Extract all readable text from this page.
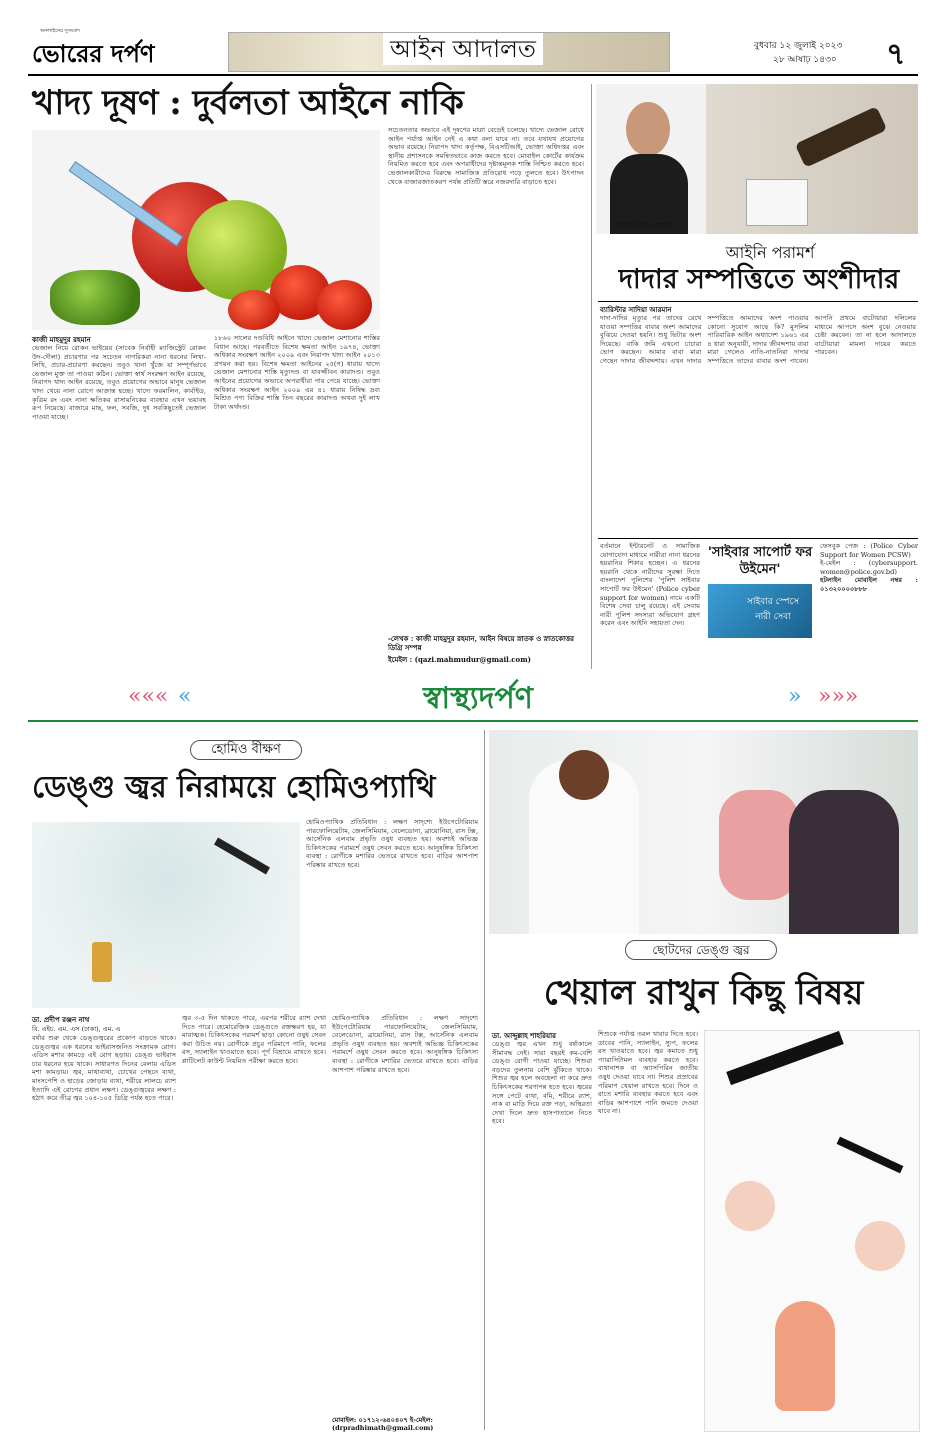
অনলাইনের সুসংবাদ
ভোরের দর্পণ	আইন আদালত	বুধবার ১২ জুলাই ২০২৩
২৮ আষাঢ় ১৪৩০ ৭
খাদ্য দূষণ : দুর্বলতা আইনে নাকি
কাজী মাহমুদুর রহমান
ভেজাল নিয়ে রোকন ভাইয়ের (সাবেক নির্বাহী ম্যাজিস্ট্রেট রোকন উদ-দৌলা) প্রচারণার পর সচেতন নাগরিকরা নানা ধরনের লিখা-লিখি, প্রচার-প্রচারণা করছেন। তবুও খানা খুঁজে যা সম্পূর্ণভাবে ভেজাল মুক্ত তা পাওয়া কঠিন। ভোক্তা স্বার্থ সংরক্ষণ আইন রয়েছে, নিরাপদ খাদ্য আইন রয়েছে, তবুও প্রয়োগের অভাবে মানুষ ভেজাল খাদ্য খেয়ে নানা রোগে আক্রান্ত হচ্ছে। খাদ্যে ফরমালিন, কার্বাইড, কৃত্রিম রং এবং নানা ক্ষতিকর রাসায়নিকের ব্যবহার এখন ভয়াবহ রূপ নিয়েছে। বাজারে মাছ, ফল, সবজি, দুধ সবকিছুতেই ভেজাল পাওয়া যাচ্ছে।
১৮৬০ সালের দণ্ডবিধি আইনে খাদ্যে ভেজাল মেশানোর শাস্তির বিধান আছে। পরবর্তীতে বিশেষ ক্ষমতা আইন ১৯৭৪, ভোক্তা অধিকার সংরক্ষণ আইন ২০০৯ এবং নিরাপদ খাদ্য আইন ২০১৩ প্রণয়ন করা হয়। বিশেষ ক্ষমতা আইনের ২৫(গ) ধারায় খাদ্যে ভেজাল মেশানোর শাস্তি মৃত্যুদণ্ড বা যাবজ্জীবন কারাদণ্ড। তবুও আইনের প্রয়োগের অভাবে অপরাধীরা পার পেয়ে যাচ্ছে। ভোক্তা অধিকার সংরক্ষণ আইন ২০০৯ এর ৪১ ধারায় নিষিদ্ধ দ্রব্য মিশ্রিত পণ্য বিক্রির শাস্তি তিন বছরের কারাদণ্ড অথবা দুই লাখ টাকা অর্থদণ্ড।
সচেতনতার অভাবে এই দূষণের মাত্রা বেড়েই চলেছে। খাদ্যে ভেজাল রোধে আইন পর্যাপ্ত আইন নেই এ কথা বলা যাবে না। তবে যথাযথ প্রয়োগের অভাব রয়েছে। নিরাপদ খাদ্য কর্তৃপক্ষ, বিএসটিআই, ভোক্তা অধিদপ্তর এবং স্থানীয় প্রশাসনকে সমন্বিতভাবে কাজ করতে হবে। মোবাইল কোর্টের কার্যক্রম নিয়মিত করতে হবে এবং অপরাধীদের দৃষ্টান্তমূলক শাস্তি নিশ্চিত করতে হবে। ভেজালকারীদের বিরুদ্ধে সামাজিক প্রতিরোধ গড়ে তুলতে হবে। উৎপাদন থেকে বাজারজাতকরণ পর্যন্ত প্রতিটি স্তরে নজরদারি বাড়াতে হবে।
-লেখক : কাজী মাহমুদুর রহমান, আইন বিষয়ে স্নাতক ও স্নাতকোত্তর ডিগ্রি সম্পন্ন
ইমেইল : (qazi.mahmudur@gmail.com)
ব্যারিস্টার সাদিয়া আরমান
আইনি পরামর্শ
দাদার সম্পত্তিতে অংশীদার
ব্যারিস্টার সাদিয়া আরমান
দাদা-দাদির মৃত্যুর পর তাদের রেখে যাওয়া সম্পত্তির বাবার অংশ আমাদের বুঝিয়ে দেওয়া হয়নি। শুধু ভিটার অংশ দিয়েছে। বাকি জমি এখনো চাচারা ভোগ করছেন। আমার বাবা মারা গেছেন দাদার জীবদ্দশায়। এখন দাদার সম্পত্তিতে আমাদের অংশ পাওয়ার কোনো সুযোগ আছে কি? মুসলিম পারিবারিক আইন অধ্যাদেশ ১৯৬১ এর ৪ ধারা অনুযায়ী, দাদার জীবদ্দশায় বাবা মারা গেলেও নাতি-নাতনিরা দাদার সম্পত্তিতে তাদের বাবার অংশ পাবেন। আপনি প্রথমে বাটোয়ারা দলিলের মাধ্যমে আপসে অংশ বুঝে নেওয়ার চেষ্টা করবেন। তা না হলে আদালতে বাটোয়ারা মামলা দায়ের করতে পারবেন।
বর্তমানে ইন্টারনেট ও সামাজিক যোগাযোগ মাধ্যমে নারীরা নানা ধরনের হয়রানির শিকার হচ্ছেন। এ ধরনের হয়রানি থেকে নারীদের সুরক্ষা দিতে বাংলাদেশ পুলিশের 'পুলিশ সাইবার সাপোর্ট ফর উইমেন' (Police cyber support for women) নামে একটি বিশেষ সেবা চালু রয়েছে। এই সেবায় নারী পুলিশ সদস্যরা অভিযোগ গ্রহণ করেন এবং আইনি সহায়তা দেন।
'সাইবার সাপোর্ট ফর উইমেন'
সাইবার স্পেসে নারী সেবা
ফেসবুক পেজ : (Police Cyber Support for Women PCSW)
ই-মেইল : (cybersupport. women@police.gov.bd)
হটলাইন মোবাইল নম্বর : ০১৩২০০০০৮৮৮
««« «	স্বাস্থ্যদর্পণ	» »»»
হোমিও বীক্ষণ
ডেঙ্গু জ্বর নিরাময়ে হোমিওপ্যাথি
হোমিওপ্যাথিক প্রতিবিধান : লক্ষণ সাদৃশ্যে ইউপেটোরিয়াম পারফোলিয়েটাম, জেলসিমিয়াম, বেলেডোনা, ব্রায়োনিয়া, রাস টক্স, আর্সেনিক এলবাম প্রভৃতি ওষুধ ব্যবহৃত হয়। অবশ্যই অভিজ্ঞ চিকিৎসকের পরামর্শে ওষুধ সেবন করতে হবে। আনুষঙ্গিক চিকিৎসা ব্যবস্থা : রোগীকে মশারির ভেতরে রাখতে হবে। বাড়ির আশপাশ পরিষ্কার রাখতে হবে।
ডা. প্রদীপ রঞ্জন নাথ
বি. এইচ. এম. এস (ঢাকা), এম. এ
বর্ষার শুরু থেকে ডেঙ্গুজ্বরের প্রকোপ বাড়তে থাকে। ডেঙ্গুজ্বর এক ধরনের ভাইরাসজনিত সংক্রামক রোগ। এডিস মশার কামড়ে এই রোগ ছড়ায়। ডেঙ্গু ভাইরাস চার ধরনের হয়ে থাকে। সাধারণত দিনের বেলায় এডিস মশা কামড়ায়। জ্বর, মাথাব্যথা, চোখের পেছনে ব্যথা, মাংসপেশি ও হাড়ের জোড়ায় ব্যথা, শরীরে লালচে র‍্যাশ ইত্যাদি এই রোগের প্রধান লক্ষণ। ডেঙ্গুজ্বরের লক্ষণ : হঠাৎ করে তীব্র জ্বর ১০৪-১০৫ ডিগ্রি পর্যন্ত হতে পারে।
জ্বর ৩-৫ দিন থাকতে পারে, এরপর শরীরে র‍্যাশ দেখা দিতে পারে। হেমোরেজিক ডেঙ্গুতে রক্তক্ষরণ হয়, যা মারাত্মক। চিকিৎসকের পরামর্শ ছাড়া কোনো ওষুধ সেবন করা উচিত নয়। রোগীকে প্রচুর পরিমাণে পানি, ফলের রস, স্যালাইন খাওয়াতে হবে। পূর্ণ বিশ্রামে রাখতে হবে। প্লাটিলেট কাউন্ট নিয়মিত পরীক্ষা করতে হবে।
হোমিওপ্যাথিক প্রতিবিধান : লক্ষণ সাদৃশ্যে ইউপেটোরিয়াম পারফোলিয়েটাম, জেলসিমিয়াম, বেলেডোনা, ব্রায়োনিয়া, রাস টক্স, আর্সেনিক এলবাম প্রভৃতি ওষুধ ব্যবহৃত হয়। অবশ্যই অভিজ্ঞ চিকিৎসকের পরামর্শে ওষুধ সেবন করতে হবে। আনুষঙ্গিক চিকিৎসা ব্যবস্থা : রোগীকে মশারির ভেতরে রাখতে হবে। বাড়ির আশপাশ পরিষ্কার রাখতে হবে।
মোবাইল: ০১৭১২-৬৪০৪০৭ ই-মেইল: (drpradhimath@gmail.com)
ছোটদের ডেঙ্গু জ্বর
খেয়াল রাখুন কিছু বিষয়
ডা. আব্দুল্লাহ শাহরিয়ার
ডেঙ্গু জ্বর এখন শুধু বর্ষাকালে সীমাবদ্ধ নেই। সারা বছরই কম-বেশি ডেঙ্গু রোগী পাওয়া যাচ্ছে। শিশুরা বড়দের তুলনায় বেশি ঝুঁকিতে থাকে। শিশুর জ্বর হলে অবহেলা না করে দ্রুত চিকিৎসকের শরণাপন্ন হতে হবে। জ্বরের সঙ্গে পেটে ব্যথা, বমি, শরীরে র‍্যাশ, নাক বা মাড়ি দিয়ে রক্ত পড়া, অস্থিরতা দেখা দিলে দ্রুত হাসপাতালে নিতে হবে।
শিশুকে পর্যাপ্ত তরল খাবার দিতে হবে। ডাবের পানি, স্যালাইন, স্যুপ, ফলের রস খাওয়াতে হবে। জ্বর কমাতে শুধু প্যারাসিটামল ব্যবহার করতে হবে। ব্যথানাশক বা অ্যাসপিরিন জাতীয় ওষুধ দেওয়া যাবে না। শিশুর প্রস্রাবের পরিমাণ খেয়াল রাখতে হবে। দিনে ও রাতে মশারি ব্যবহার করতে হবে এবং বাড়ির আশপাশে পানি জমতে দেওয়া যাবে না।
